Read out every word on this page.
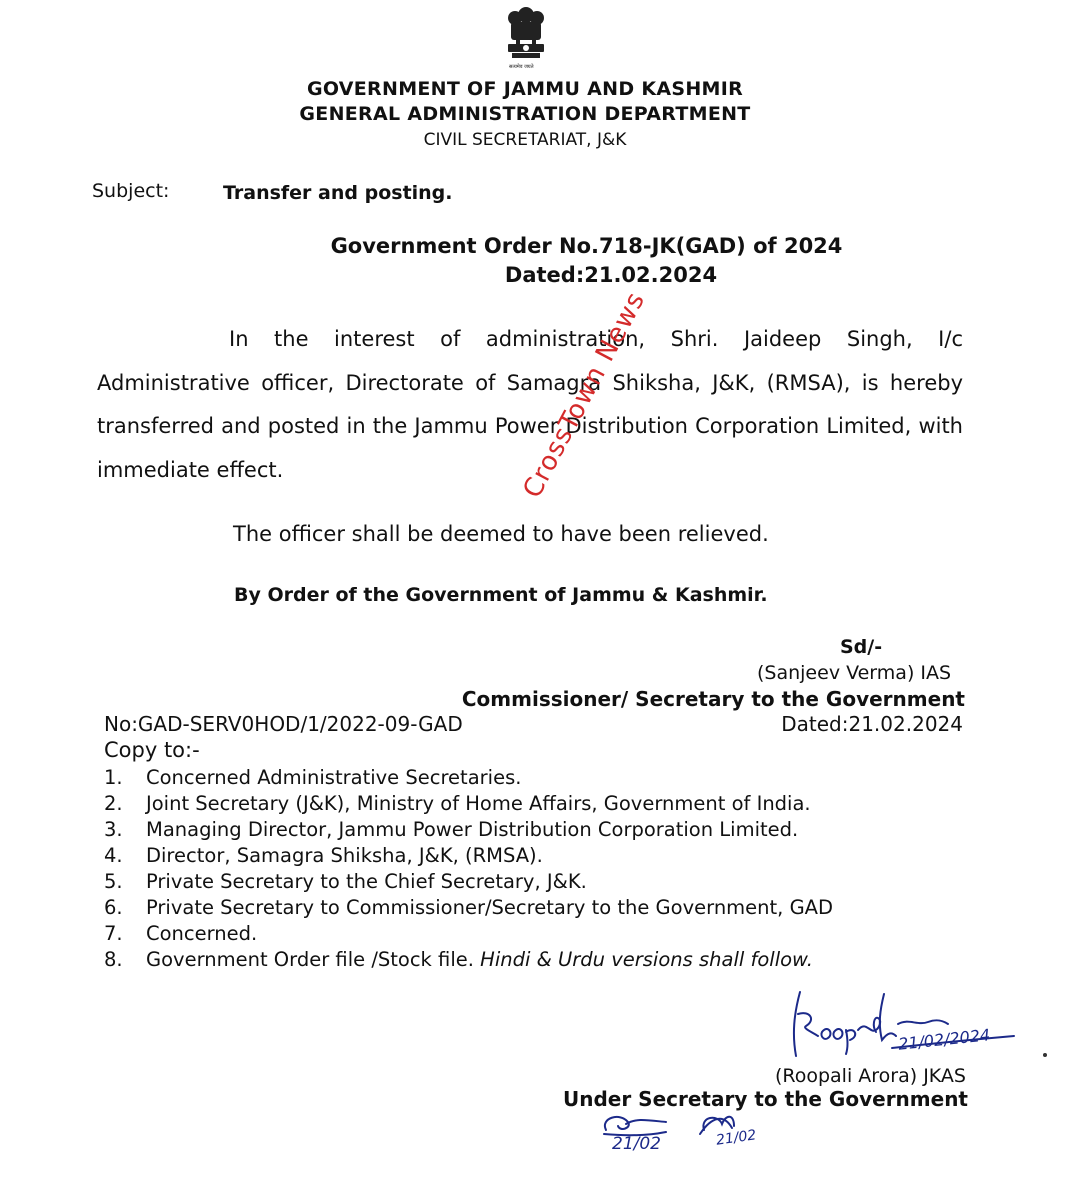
सत्यमेव जयते
GOVERNMENT OF JAMMU AND KASHMIR
GENERAL ADMINISTRATION DEPARTMENT
CIVIL SECRETARIAT, J&K
Subject:	Transfer and posting.
Government Order No.718-JK(GAD) of 2024
Dated:21.02.2024
In the interest of administration, Shri. Jaideep Singh, I/c Administrative officer, Directorate of Samagra Shiksha, J&K, (RMSA), is hereby transferred and posted in the Jammu Power Distribution Corporation Limited, with immediate effect.	CrossTown News
The officer shall be deemed to have been relieved.
By Order of the Government of Jammu & Kashmir.
Sd/-
(Sanjeev Verma) IAS
Commissioner/ Secretary to the Government
No:GAD-SERV0HOD/1/2022-09-GAD	Dated:21.02.2024
Copy to:-
1. Concerned Administrative Secretaries.
2. Joint Secretary (J&K), Ministry of Home Affairs, Government of India.
3. Managing Director, Jammu Power Distribution Corporation Limited.
4. Director, Samagra Shiksha, J&K, (RMSA).
5. Private Secretary to the Chief Secretary, J&K.
6. Private Secretary to Commissioner/Secretary to the Government, GAD
7. Concerned.
8. Government Order file /Stock file. Hindi & Urdu versions shall follow.
21/02/2024
(Roopali Arora) JKAS
Under Secretary to the Government
21/02	21/02
